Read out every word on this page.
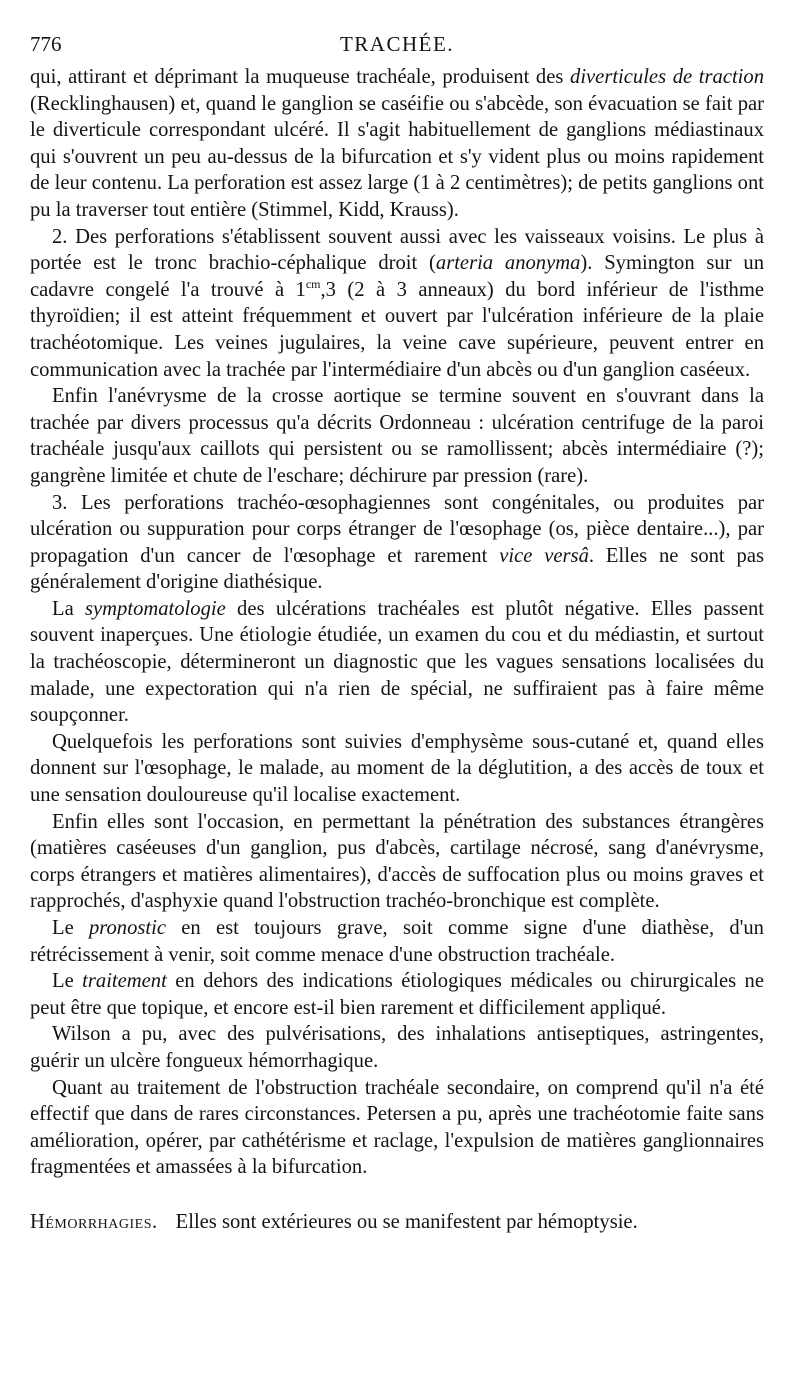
776	TRACHÉE.

qui, attirant et déprimant la muqueuse trachéale, produisent des diverticules de traction (Recklinghausen) et, quand le ganglion se caséifie ou s'abcède, son évacuation se fait par le diverticule correspondant ulcéré. Il s'agit habituellement de ganglions médiastinaux qui s'ouvrent un peu au-dessus de la bifurcation et s'y vident plus ou moins rapidement de leur contenu. La perforation est assez large (1 à 2 centimètres); de petits ganglions ont pu la traverser tout entière (Stimmel, Kidd, Krauss).

2. Des perforations s'établissent souvent aussi avec les vaisseaux voisins. Le plus à portée est le tronc brachio-céphalique droit (arteria anonyma). Symington sur un cadavre congelé l'a trouvé à $1^{cm},3$ (2 à 3 anneaux) du bord inférieur de l'isthme thyroïdien; il est atteint fréquemment et ouvert par l'ulcération inférieure de la plaie trachéotomique. Les veines jugulaires, la veine cave supérieure, peuvent entrer en communication avec la trachée par l'intermédiaire d'un abcès ou d'un ganglion caséeux.

Enfin l'anévrysme de la crosse aortique se termine souvent en s'ouvrant dans la trachée par divers processus qu'a décrits Ordonneau : ulcération centrifuge de la paroi trachéale jusqu'aux caillots qui persistent ou se ramollissent; abcès intermédiaire (?); gangrène limitée et chute de l'eschare; déchirure par pression (rare).

3. Les perforations trachéo-œsophagiennes sont congénitales, ou produites par ulcération ou suppuration pour corps étranger de l'œsophage (os, pièce dentaire...), par propagation d'un cancer de l'œsophage et rarement vice versâ. Elles ne sont pas généralement d'origine diathésique.

La symptomatologie des ulcérations trachéales est plutôt négative. Elles passent souvent inaperçues. Une étiologie étudiée, un examen du cou et du médiastin, et surtout la trachéoscopie, détermineront un diagnostic que les vagues sensations localisées du malade, une expectoration qui n'a rien de spécial, ne suffiraient pas à faire même soupçonner.

Quelquefois les perforations sont suivies d'emphysème sous-cutané et, quand elles donnent sur l'œsophage, le malade, au moment de la déglutition, a des accès de toux et une sensation douloureuse qu'il localise exactement.

Enfin elles sont l'occasion, en permettant la pénétration des substances étrangères (matières caséeuses d'un ganglion, pus d'abcès, cartilage nécrosé, sang d'anévrysme, corps étrangers et matières alimentaires), d'accès de suffocation plus ou moins graves et rapprochés, d'asphyxie quand l'obstruction trachéo-bronchique est complète.

Le pronostic en est toujours grave, soit comme signe d'une diathèse, d'un rétrécissement à venir, soit comme menace d'une obstruction trachéale.

Le traitement en dehors des indications étiologiques médicales ou chirurgicales ne peut être que topique, et encore est-il bien rarement et difficilement appliqué.

Wilson a pu, avec des pulvérisations, des inhalations antiseptiques, astringentes, guérir un ulcère fongueux hémorrhagique.

Quant au traitement de l'obstruction trachéale secondaire, on comprend qu'il n'a été effectif que dans de rares circonstances. Petersen a pu, après une trachéotomie faite sans amélioration, opérer, par cathétérisme et raclage, l'expulsion de matières ganglionnaires fragmentées et amassées à la bifurcation.

Hémorrhagies. Elles sont extérieures ou se manifestent par hémoptysie.
